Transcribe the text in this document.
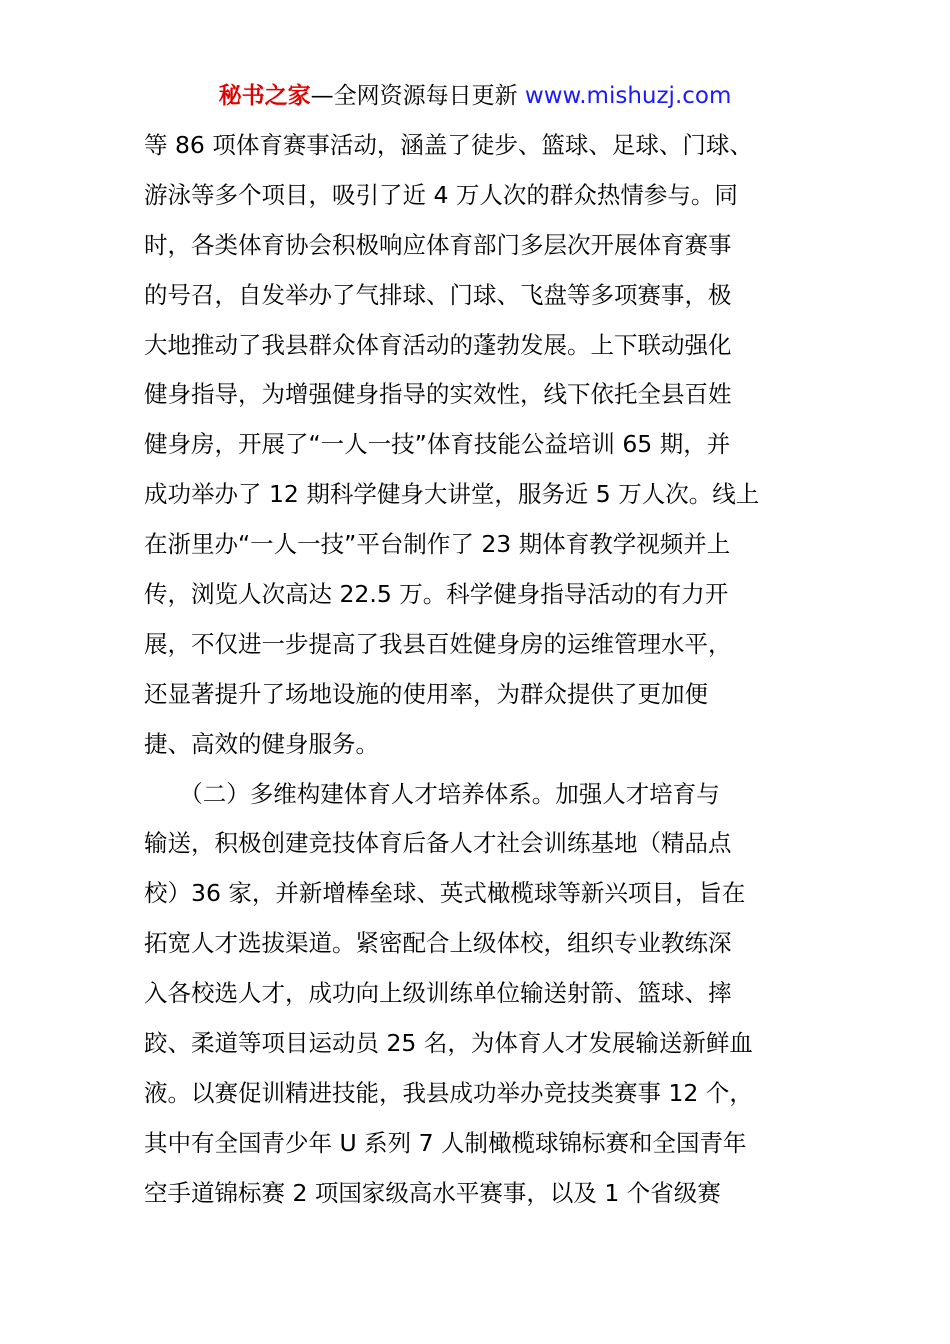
秘书之家—全网资源每日更新 www.mishuzj.com
等 86 项体育赛事活动，涵盖了徒步、篮球、足球、门球、
游泳等多个项目，吸引了近 4 万人次的群众热情参与。同
时，各类体育协会积极响应体育部门多层次开展体育赛事
的号召，自发举办了气排球、门球、飞盘等多项赛事，极
大地推动了我县群众体育活动的蓬勃发展。上下联动强化
健身指导，为增强健身指导的实效性，线下依托全县百姓
健身房，开展了“一人一技”体育技能公益培训 65 期，并
成功举办了 12 期科学健身大讲堂，服务近 5 万人次。线上
在浙里办“一人一技”平台制作了 23 期体育教学视频并上
传，浏览人次高达 22.5 万。科学健身指导活动的有力开
展，不仅进一步提高了我县百姓健身房的运维管理水平，
还显著提升了场地设施的使用率，为群众提供了更加便
捷、高效的健身服务。
　　（二）多维构建体育人才培养体系。加强人才培育与
输送，积极创建竞技体育后备人才社会训练基地（精品点
校）36 家，并新增棒垒球、英式橄榄球等新兴项目，旨在
拓宽人才选拔渠道。紧密配合上级体校，组织专业教练深
入各校选人才，成功向上级训练单位输送射箭、篮球、摔
跤、柔道等项目运动员 25 名，为体育人才发展输送新鲜血
液。以赛促训精进技能，我县成功举办竞技类赛事 12 个，
其中有全国青少年 U 系列 7 人制橄榄球锦标赛和全国青年
空手道锦标赛 2 项国家级高水平赛事，以及 1 个省级赛
